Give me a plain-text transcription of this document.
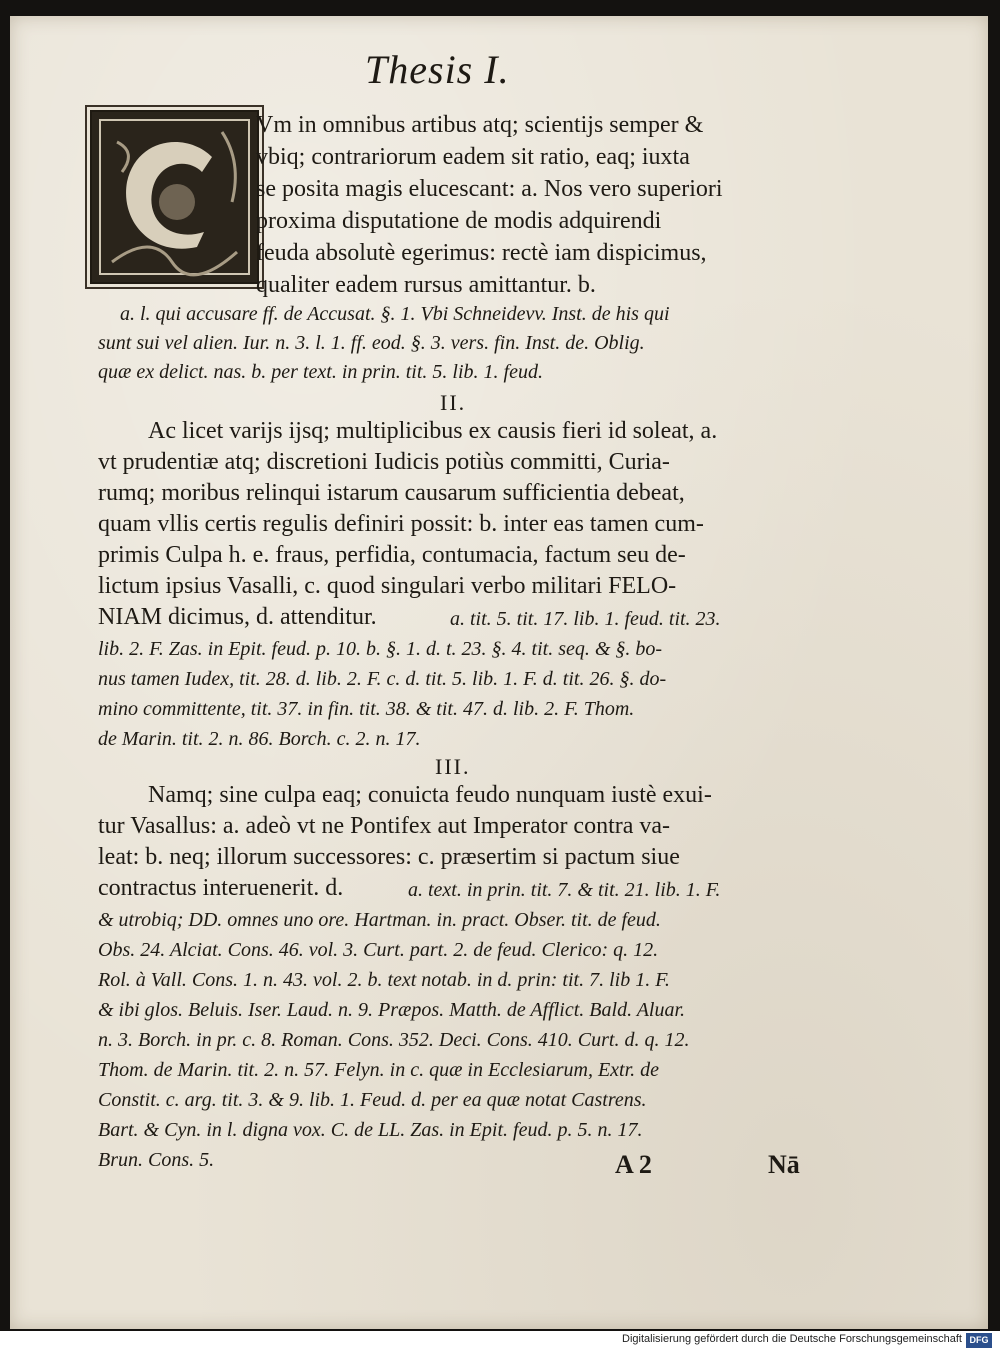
Thesis I.
Vm in omnibus artibus atq; scientijs semper &
vbiq; contrariorum eadem sit ratio, eaq; iuxta
se posita magis elucescant: a. Nos vero superiori
proxima disputatione de modis adquirendi
feuda absolutè egerimus: rectè iam dispicimus,
qualiter eadem rursus amittantur. b.
a. l. qui accusare ff. de Accusat. §. 1. Vbi Schneidevv. Inst. de his qui
sunt sui vel alien. Iur. n. 3. l. 1. ff. eod. §. 3. vers. fin. Inst. de. Oblig.
quæ ex delict. nas. b. per text. in prin. tit. 5. lib. 1. feud.
II.
Ac licet varijs ijsq; multiplicibus ex causis fieri id soleat, a.
vt prudentiæ atq; discretioni Iudicis potiùs committi, Curia-
rumq; moribus relinqui istarum causarum sufficientia debeat,
quam vllis certis regulis definiri possit: b. inter eas tamen cum-
primis Culpa h. e. fraus, perfidia, contumacia, factum seu de-
lictum ipsius Vasalli, c. quod singulari verbo militari FELO-
NIAM dicimus, d. attenditur.	a. tit. 5. tit. 17. lib. 1. feud. tit. 23.
lib. 2. F. Zas. in Epit. feud. p. 10. b. §. 1. d. t. 23. §. 4. tit. seq. & §. bo-
nus tamen Iudex, tit. 28. d. lib. 2. F. c. d. tit. 5. lib. 1. F. d. tit. 26. §. do-
mino committente, tit. 37. in fin. tit. 38. & tit. 47. d. lib. 2. F. Thom.
de Marin. tit. 2. n. 86. Borch. c. 2. n. 17.
III.
Namq; sine culpa eaq; conuicta feudo nunquam iustè exui-
tur Vasallus: a. adeò vt ne Pontifex aut Imperator contra va-
leat: b. neq; illorum successores: c. præsertim si pactum siue
contractus interuenerit. d.	a. text. in prin. tit. 7. & tit. 21. lib. 1. F.
& utrobiq; DD. omnes uno ore. Hartman. in. pract. Obser. tit. de feud.
Obs. 24. Alciat. Cons. 46. vol. 3. Curt. part. 2. de feud. Clerico: q. 12.
Rol. à Vall. Cons. 1. n. 43. vol. 2. b. text notab. in d. prin: tit. 7. lib 1. F.
& ibi glos. Beluis. Iser. Laud. n. 9. Præpos. Matth. de Afflict. Bald. Aluar.
n. 3. Borch. in pr. c. 8. Roman. Cons. 352. Deci. Cons. 410. Curt. d. q. 12.
Thom. de Marin. tit. 2. n. 57. Felyn. in c. quæ in Ecclesiarum, Extr. de
Constit. c. arg. tit. 3. & 9. lib. 1. Feud. d. per ea quæ notat Castrens.
Bart. & Cyn. in l. digna vox. C. de LL. Zas. in Epit. feud. p. 5. n. 17.
Brun. Cons. 5.	A 2	Nā
Digitalisierung gefördert durch die Deutsche Forschungsgemeinschaft DFG
